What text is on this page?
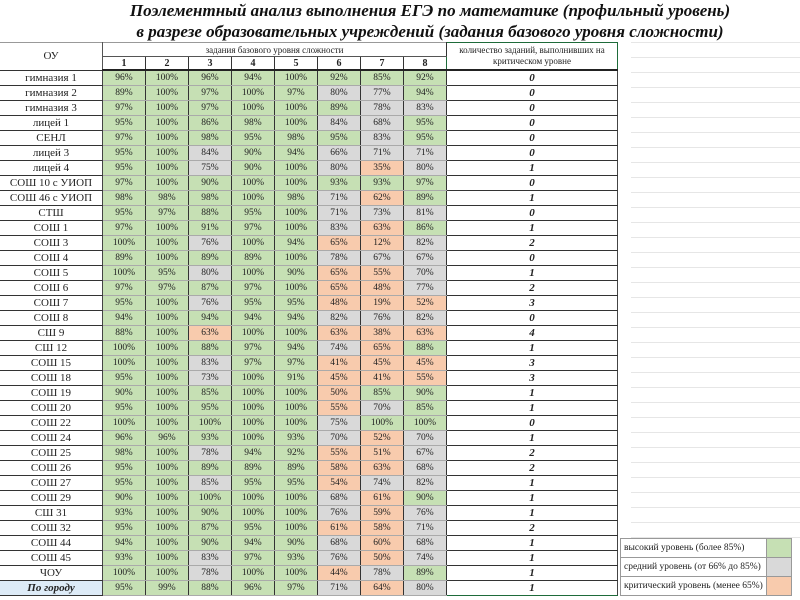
Поэлементный анализ выполнения ЕГЭ по математике (профильный уровень)
в разрезе образовательных учреждений (задания базового уровня сложности)
ОУ	задания базового уровня сложности								количество заданий, выполнивших на критическом уровне
	1	2	3	4	5	6	7	8	
гимназия 1	96%	100%	96%	94%	100%	92%	85%	92%	0
гимназия 2	89%	100%	97%	100%	97%	80%	77%	94%	0
гимназия 3	97%	100%	97%	100%	100%	89%	78%	83%	0
лицей 1	95%	100%	86%	98%	100%	84%	68%	95%	0
СЕНЛ	97%	100%	98%	95%	98%	95%	83%	95%	0
лицей 3	95%	100%	84%	90%	94%	66%	71%	71%	0
лицей 4	95%	100%	75%	90%	100%	80%	35%	80%	1
СОШ 10 с УИОП	97%	100%	90%	100%	100%	93%	93%	97%	0
СОШ 46 с УИОП	98%	98%	98%	100%	98%	71%	62%	89%	1
СТШ	95%	97%	88%	95%	100%	71%	73%	81%	0
СОШ 1	97%	100%	91%	97%	100%	83%	63%	86%	1
СОШ 3	100%	100%	76%	100%	94%	65%	12%	82%	2
СОШ 4	89%	100%	89%	89%	100%	78%	67%	67%	0
СОШ 5	100%	95%	80%	100%	90%	65%	55%	70%	1
СОШ 6	97%	97%	87%	97%	100%	65%	48%	77%	2
СОШ 7	95%	100%	76%	95%	95%	48%	19%	52%	3
СОШ 8	94%	100%	94%	94%	94%	82%	76%	82%	0
СШ 9	88%	100%	63%	100%	100%	63%	38%	63%	4
СШ 12	100%	100%	88%	97%	94%	74%	65%	88%	1
СОШ 15	100%	100%	83%	97%	97%	41%	45%	45%	3
СОШ 18	95%	100%	73%	100%	91%	45%	41%	55%	3
СОШ 19	90%	100%	85%	100%	100%	50%	85%	90%	1
СОШ 20	95%	100%	95%	100%	100%	55%	70%	85%	1
СОШ 22	100%	100%	100%	100%	100%	75%	100%	100%	0
СОШ 24	96%	96%	93%	100%	93%	70%	52%	70%	1
СОШ 25	98%	100%	78%	94%	92%	55%	51%	67%	2
СОШ 26	95%	100%	89%	89%	89%	58%	63%	68%	2
СОШ 27	95%	100%	85%	95%	95%	54%	74%	82%	1
СОШ 29	90%	100%	100%	100%	100%	68%	61%	90%	1
СШ 31	93%	100%	90%	100%	100%	76%	59%	76%	1
СОШ 32	95%	100%	87%	95%	100%	61%	58%	71%	2
СОШ 44	94%	100%	90%	94%	90%	68%	60%	68%	1
СОШ 45	93%	100%	83%	97%	93%	76%	50%	74%	1
ЧОУ	100%	100%	78%	100%	100%	44%	78%	89%	1
По городу	95%	99%	88%	96%	97%	71%	64%	80%	1
высокий уровень (более 85%)	
средний уровень (от 66% до 85%)	
критический уровень (менее 65%)	
